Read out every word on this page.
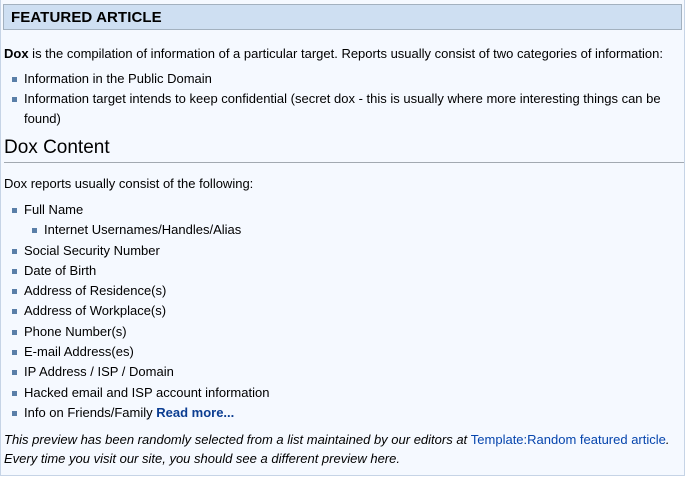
FEATURED ARTICLE
Dox is the compilation of information of a particular target. Reports usually consist of two categories of information:
Information in the Public Domain
Information target intends to keep confidential (secret dox - this is usually where more interesting things can be found)
Dox Content
Dox reports usually consist of the following:
Full Name
Internet Usernames/Handles/Alias
Social Security Number
Date of Birth
Address of Residence(s)
Address of Workplace(s)
Phone Number(s)
E-mail Address(es)
IP Address / ISP / Domain
Hacked email and ISP account information
Info on Friends/Family Read more...
This preview has been randomly selected from a list maintained by our editors at Template:Random featured article. Every time you visit our site, you should see a different preview here.
